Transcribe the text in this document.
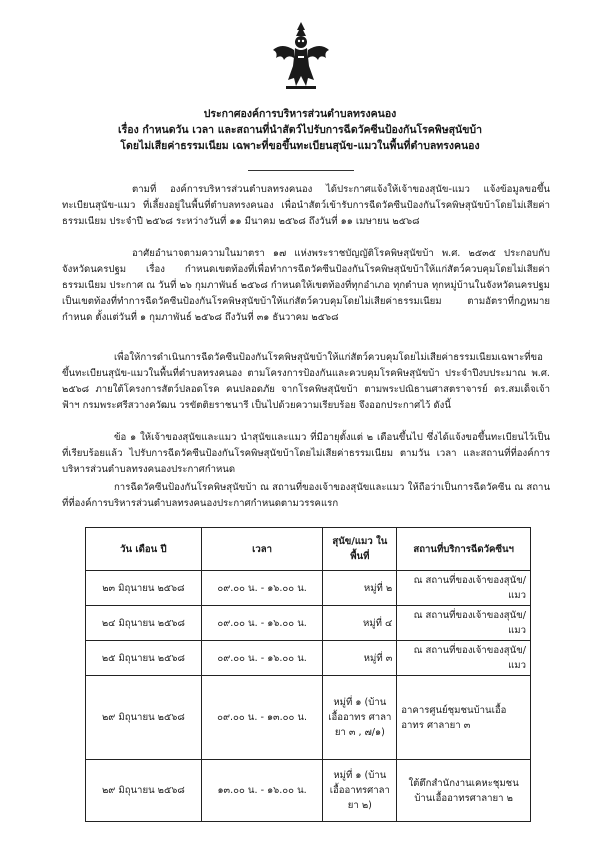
ประกาศองค์การบริหารส่วนตำบลทรงคนอง
เรื่อง กำหนดวัน เวลา และสถานที่นำสัตว์ไปรับการฉีดวัคซีนป้องกันโรคพิษสุนัขบ้า
โดยไม่เสียค่าธรรมเนียม เฉพาะที่ขอขึ้นทะเบียนสุนัข-แมวในพื้นที่ตำบลทรงคนอง

ตามที่ องค์การบริหารส่วนตำบลทรงคนอง ได้ประกาศแจ้งให้เจ้าของสุนัข-แมว แจ้งข้อมูลขอขึ้นทะเบียนสุนัข-แมว ที่เลี้ยงอยู่ในพื้นที่ตำบลทรงคนอง เพื่อนำสัตว์เข้ารับการฉีดวัคซีนป้องกันโรคพิษสุนัขบ้าโดยไม่เสียค่าธรรมเนียม ประจำปี ๒๕๖๘ ระหว่างวันที่ ๑๑ มีนาคม ๒๕๖๘ ถึงวันที่ ๑๑ เมษายน ๒๕๖๘

อาศัยอำนาจตามความในมาตรา ๑๗ แห่งพระราชบัญญัติโรคพิษสุนัขบ้า พ.ศ. ๒๕๓๕ ประกอบกับจังหวัดนครปฐม เรื่อง กำหนดเขตท้องที่เพื่อทำการฉีดวัคซีนป้องกันโรคพิษสุนัขบ้าให้แก่สัตว์ควบคุมโดยไม่เสียค่าธรรมเนียม ประกาศ ณ วันที่ ๒๖ กุมภาพันธ์ ๒๕๖๘ กำหนดให้เขตท้องที่ทุกอำเภอ ทุกตำบล ทุกหมู่บ้านในจังหวัดนครปฐม เป็นเขตท้องที่ทำการฉีดวัคซีนป้องกันโรคพิษสุนัขบ้าให้แก่สัตว์ควบคุมโดยไม่เสียค่าธรรมเนียม ตามอัตราที่กฎหมายกำหนด ตั้งแต่วันที่ ๑ กุมภาพันธ์ ๒๕๖๘ ถึงวันที่ ๓๑ ธันวาคม ๒๕๖๘

เพื่อให้การดำเนินการฉีดวัคซีนป้องกันโรคพิษสุนัขบ้าให้แก่สัตว์ควบคุมโดยไม่เสียค่าธรรมเนียมเฉพาะที่ขอขึ้นทะเบียนสุนัข-แมวในพื้นที่ตำบลทรงคนอง ตามโครงการป้องกันและควบคุมโรคพิษสุนัขบ้า ประจำปีงบประมาณ พ.ศ. ๒๕๖๘ ภายใต้โครงการสัตว์ปลอดโรค คนปลอดภัย จากโรคพิษสุนัขบ้า ตามพระปณิธานศาสตราจารย์ ดร.สมเด็จเจ้าฟ้าฯ กรมพระศรีสวางควัฒน วรขัตติยราชนารี เป็นไปด้วยความเรียบร้อย จึงออกประกาศไว้ ดังนี้

ข้อ ๑ ให้เจ้าของสุนัขและแมว นำสุนัขและแมว ที่มีอายุตั้งแต่ ๒ เดือนขึ้นไป ซึ่งได้แจ้งขอขึ้นทะเบียนไว้เป็นที่เรียบร้อยแล้ว ไปรับการฉีดวัคซีนป้องกันโรคพิษสุนัขบ้าโดยไม่เสียค่าธรรมเนียม ตามวัน เวลา และสถานที่ที่องค์การบริหารส่วนตำบลทรงคนองประกาศกำหนด

การฉีดวัคซีนป้องกันโรคพิษสุนัขบ้า ณ สถานที่ของเจ้าของสุนัขและแมว ให้ถือว่าเป็นการฉีดวัคซีน ณ สถานที่ที่องค์การบริหารส่วนตำบลทรงคนองประกาศกำหนดตามวรรคแรก

วัน เดือน ปี	เวลา	สุนัข/แมว ในพื้นที่	สถานที่บริการฉีดวัคซีนฯ
๒๓ มิถุนายน ๒๕๖๘	๐๙.๐๐ น. - ๑๖.๐๐ น.	หมู่ที่ ๒	ณ สถานที่ของเจ้าของสุนัข/แมว
๒๔ มิถุนายน ๒๕๖๘	๐๙.๐๐ น. - ๑๖.๐๐ น.	หมู่ที่ ๔	ณ สถานที่ของเจ้าของสุนัข/แมว
๒๕ มิถุนายน ๒๕๖๘	๐๙.๐๐ น. - ๑๖.๐๐ น.	หมู่ที่ ๓	ณ สถานที่ของเจ้าของสุนัข/แมว
๒๙ มิถุนายน ๒๕๖๘	๐๙.๐๐ น. - ๑๓.๐๐ น.	หมู่ที่ ๑ (บ้านเอื้ออาทร ศาลายา ๓ , ๗/๑)	อาคารศูนย์ชุมชนบ้านเอื้ออาทร ศาลายา ๓
๒๙ มิถุนายน ๒๕๖๘	๑๓.๐๐ น. - ๑๖.๐๐ น.	หมู่ที่ ๑ (บ้านเอื้ออาทรศาลายา ๒)	ใต้ตึกสำนักงานเคหะชุมชน บ้านเอื้ออาทรศาลายา ๒
